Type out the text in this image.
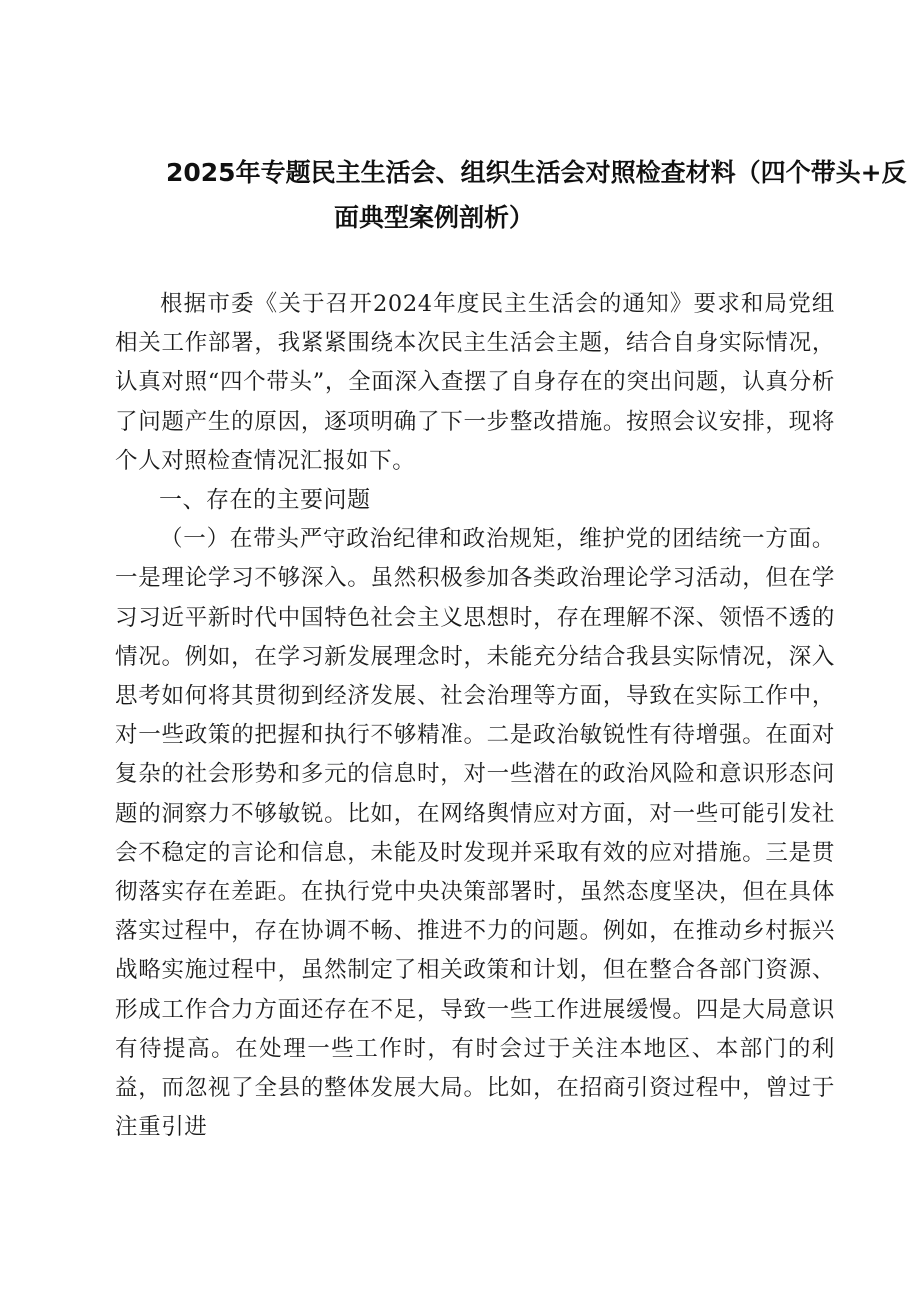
2025年专题民主生活会、组织生活会对照检查材料（四个带头+反
面典型案例剖析）

根据市委《关于召开2024年度民主生活会的通知》要求和局党组相关工作部署，我紧紧围绕本次民主生活会主题，结合自身实际情况，认真对照“四个带头”，全面深入查摆了自身存在的突出问题，认真分析了问题产生的原因，逐项明确了下一步整改措施。按照会议安排，现将个人对照检查情况汇报如下。

一、存在的主要问题

（一）在带头严守政治纪律和政治规矩，维护党的团结统一方面。一是理论学习不够深入。虽然积极参加各类政治理论学习活动，但在学习习近平新时代中国特色社会主义思想时，存在理解不深、领悟不透的情况。例如，在学习新发展理念时，未能充分结合我县实际情况，深入思考如何将其贯彻到经济发展、社会治理等方面，导致在实际工作中，对一些政策的把握和执行不够精准。二是政治敏锐性有待增强。在面对复杂的社会形势和多元的信息时，对一些潜在的政治风险和意识形态问题的洞察力不够敏锐。比如，在网络舆情应对方面，对一些可能引发社会不稳定的言论和信息，未能及时发现并采取有效的应对措施。三是贯彻落实存在差距。在执行党中央决策部署时，虽然态度坚决，但在具体落实过程中，存在协调不畅、推进不力的问题。例如，在推动乡村振兴战略实施过程中，虽然制定了相关政策和计划，但在整合各部门资源、形成工作合力方面还存在不足，导致一些工作进展缓慢。四是大局意识有待提高。在处理一些工作时，有时会过于关注本地区、本部门的利益，而忽视了全县的整体发展大局。比如，在招商引资过程中，曾过于注重引进
